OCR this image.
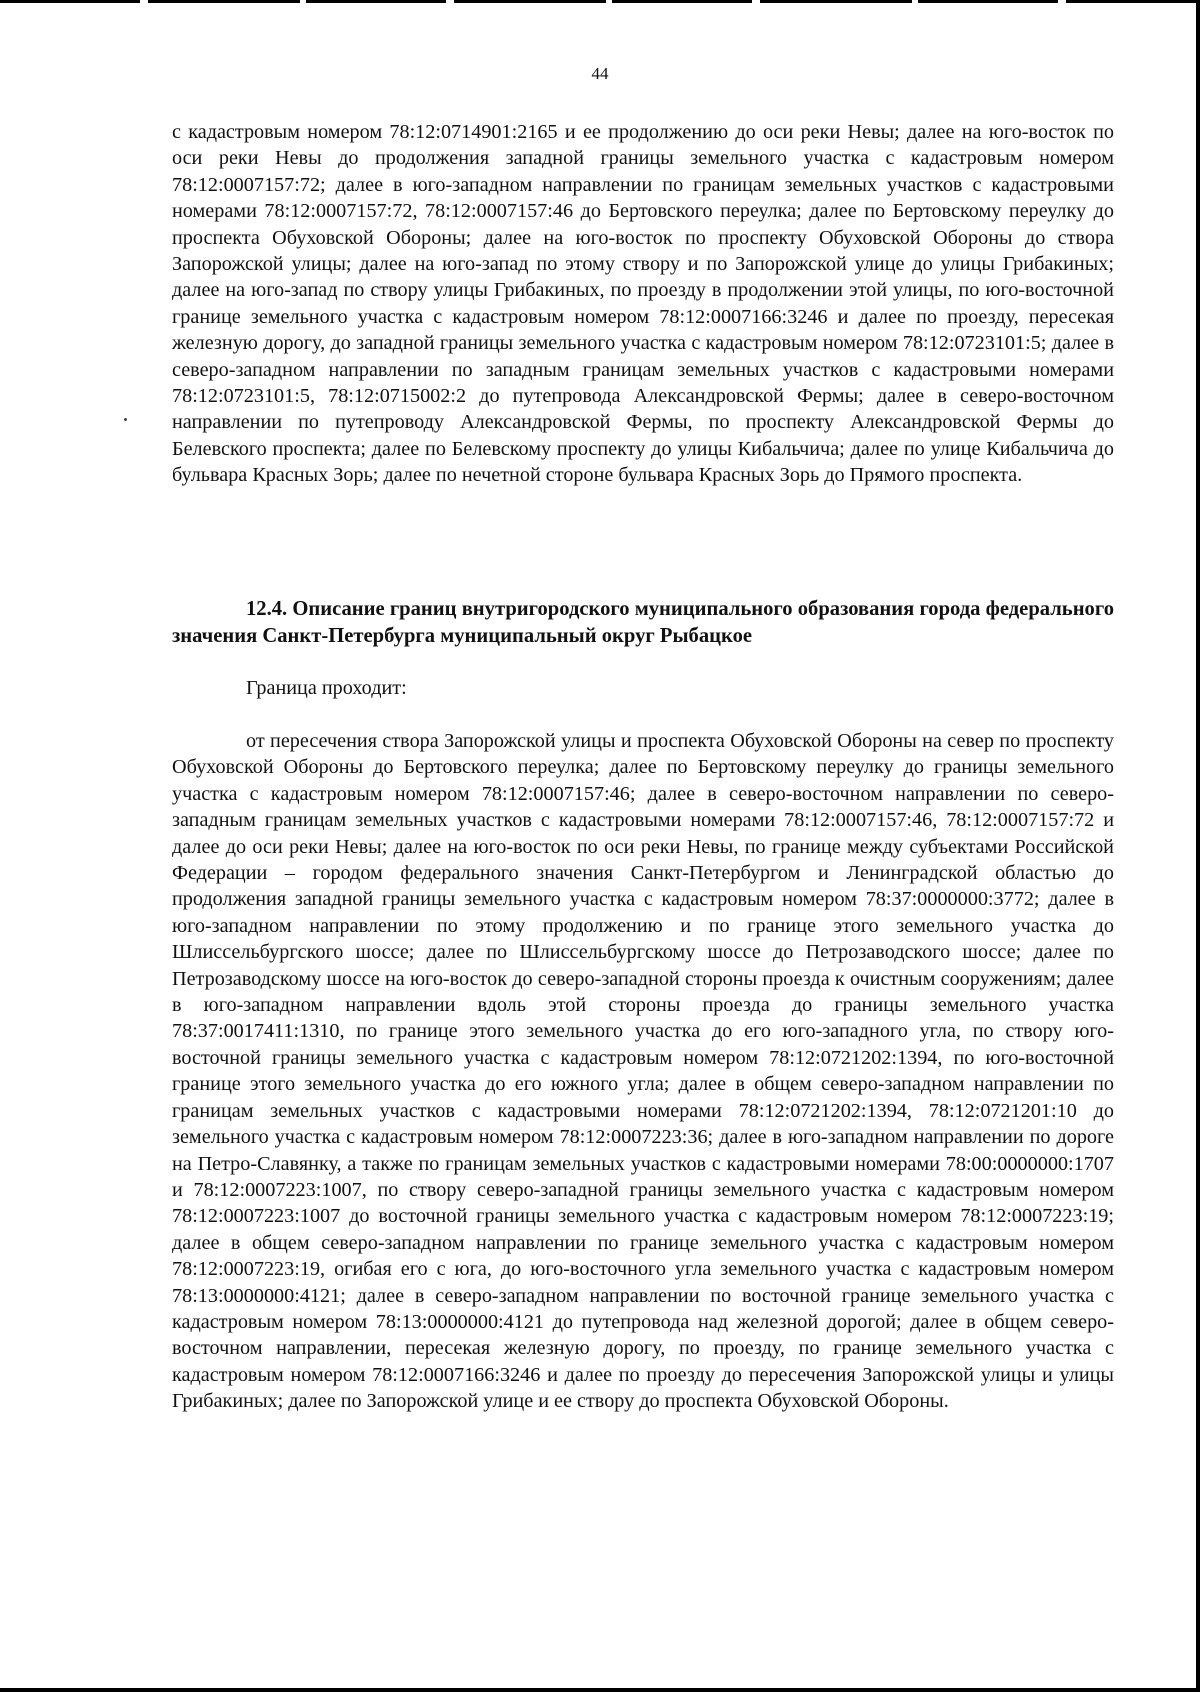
44

с кадастровым номером 78:12:0714901:2165 и ее продолжению до оси реки Невы; далее на юго-восток по оси реки Невы до продолжения западной границы земельного участка с кадастровым номером 78:12:0007157:72; далее в юго-западном направлении по границам земельных участков с кадастровыми номерами 78:12:0007157:72, 78:12:0007157:46 до Бертовского переулка; далее по Бертовскому переулку до проспекта Обуховской Обороны; далее на юго-восток по проспекту Обуховской Обороны до створа Запорожской улицы; далее на юго-запад по этому створу и по Запорожской улице до улицы Грибакиных; далее на юго-запад по створу улицы Грибакиных, по проезду в продолжении этой улицы, по юго-восточной границе земельного участка с кадастровым номером 78:12:0007166:3246 и далее по проезду, пересекая железную дорогу, до западной границы земельного участка с кадастровым номером 78:12:0723101:5; далее в северо-западном направлении по западным границам земельных участков с кадастровыми номерами 78:12:0723101:5, 78:12:0715002:2 до путепровода Александровской Фермы; далее в северо-восточном направлении по путепроводу Александровской Фермы, по проспекту Александровской Фермы до Белевского проспекта; далее по Белевскому проспекту до улицы Кибальчича; далее по улице Кибальчича до бульвара Красных Зорь; далее по нечетной стороне бульвара Красных Зорь до Прямого проспекта.

12.4. Описание границ внутригородского муниципального образования города федерального значения Санкт-Петербурга муниципальный округ Рыбацкое

Граница проходит:

от пересечения створа Запорожской улицы и проспекта Обуховской Обороны на север по проспекту Обуховской Обороны до Бертовского переулка; далее по Бертовскому переулку до границы земельного участка с кадастровым номером 78:12:0007157:46; далее в северо-восточном направлении по северо-западным границам земельных участков с кадастровыми номерами 78:12:0007157:46, 78:12:0007157:72 и далее до оси реки Невы; далее на юго-восток по оси реки Невы, по границе между субъектами Российской Федерации – городом федерального значения Санкт-Петербургом и Ленинградской областью до продолжения западной границы земельного участка с кадастровым номером 78:37:0000000:3772; далее в юго-западном направлении по этому продолжению и по границе этого земельного участка до Шлиссельбургского шоссе; далее по Шлиссельбургскому шоссе до Петрозаводского шоссе; далее по Петрозаводскому шоссе на юго-восток до северо-западной стороны проезда к очистным сооружениям; далее в юго-западном направлении вдоль этой стороны проезда до границы земельного участка 78:37:0017411:1310, по границе этого земельного участка до его юго-западного угла, по створу юго-восточной границы земельного участка с кадастровым номером 78:12:0721202:1394, по юго-восточной границе этого земельного участка до его южного угла; далее в общем северо-западном направлении по границам земельных участков с кадастровыми номерами 78:12:0721202:1394, 78:12:0721201:10 до земельного участка с кадастровым номером 78:12:0007223:36; далее в юго-западном направлении по дороге на Петро-Славянку, а также по границам земельных участков с кадастровыми номерами 78:00:0000000:1707 и 78:12:0007223:1007, по створу северо-западной границы земельного участка с кадастровым номером 78:12:0007223:1007 до восточной границы земельного участка с кадастровым номером 78:12:0007223:19; далее в общем северо-западном направлении по границе земельного участка с кадастровым номером 78:12:0007223:19, огибая его с юга, до юго-восточного угла земельного участка с кадастровым номером 78:13:0000000:4121; далее в северо-западном направлении по восточной границе земельного участка с кадастровым номером 78:13:0000000:4121 до путепровода над железной дорогой; далее в общем северо-восточном направлении, пересекая железную дорогу, по проезду, по границе земельного участка с кадастровым номером 78:12:0007166:3246 и далее по проезду до пересечения Запорожской улицы и улицы Грибакиных; далее по Запорожской улице и ее створу до проспекта Обуховской Обороны.
